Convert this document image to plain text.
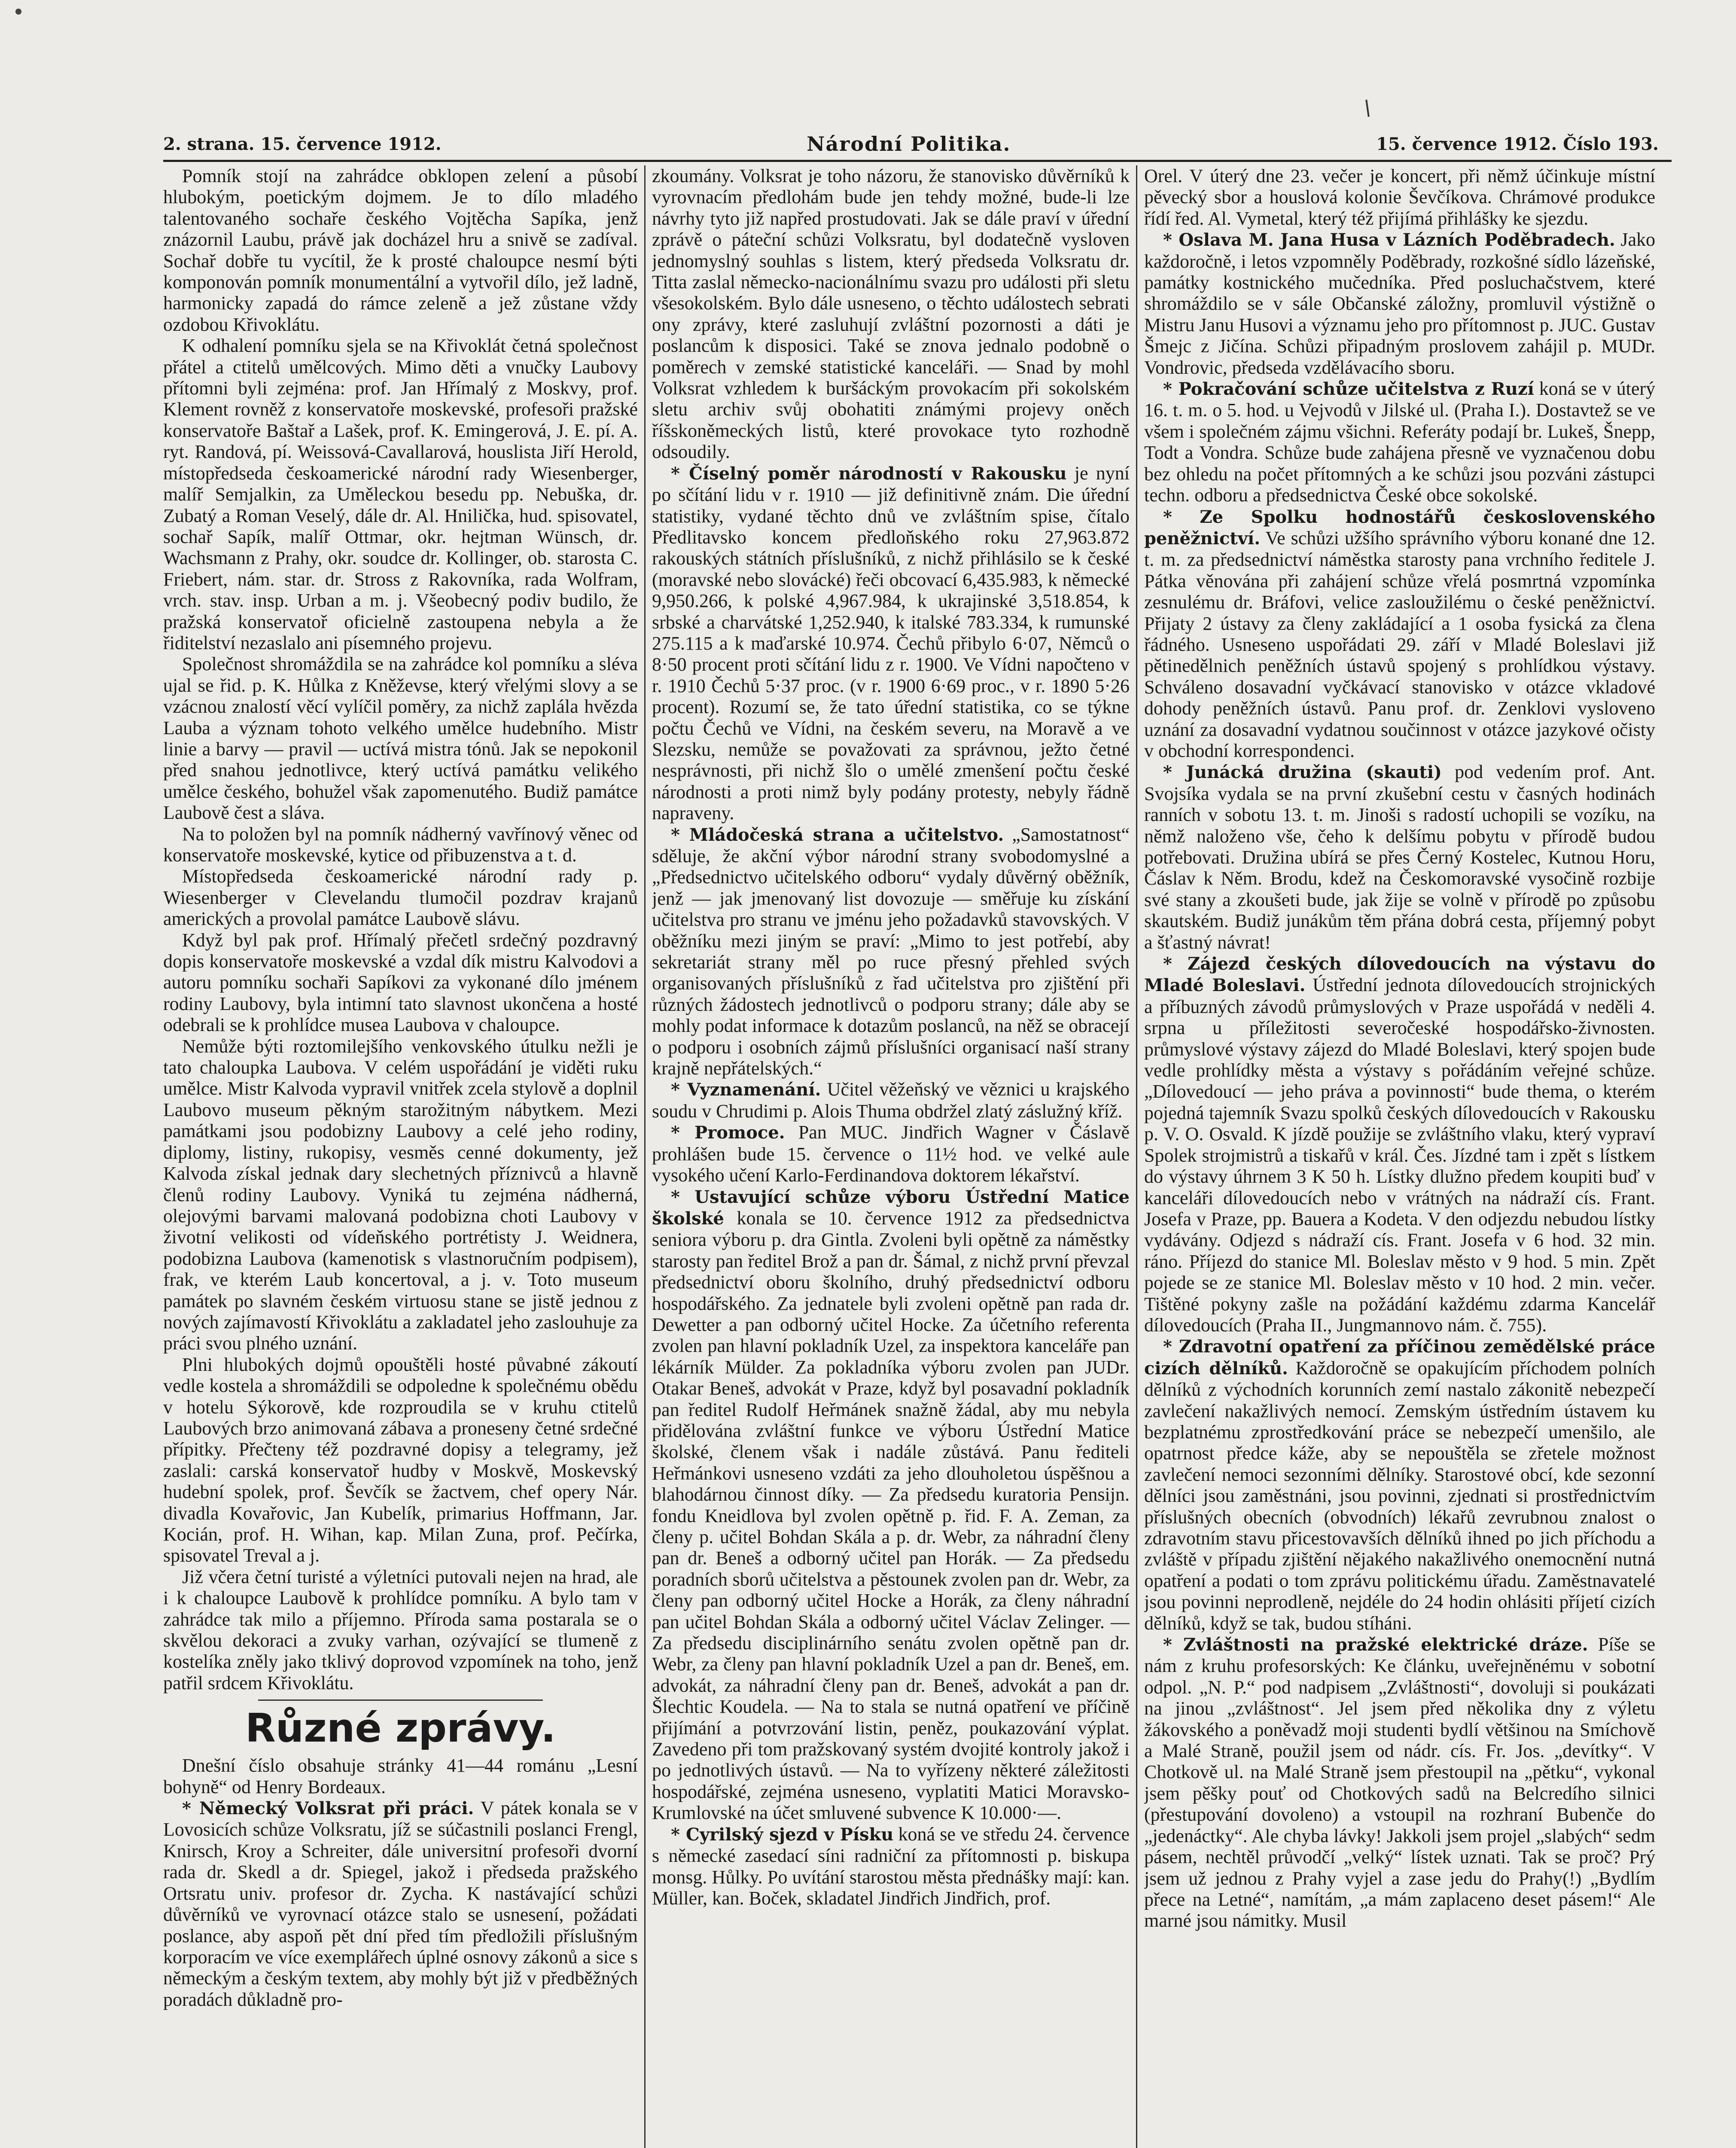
2. strana. 15. července 1912.	Národní Politika.	15. července 1912. Číslo 193.

Pomník stojí na zahrádce obklopen zelení a působí hlubokým, poetickým dojmem. Je to dílo mladého talentovaného sochaře českého Vojtěcha Sapíka, jenž znázornil Laubu, právě jak docházel hru a snivě se zadíval. Sochař dobře tu vycítil, že k prosté chaloupce nesmí býti komponován pomník monumentální a vytvořil dílo, jež ladně, harmonicky zapadá do rámce zeleně a jež zůstane vždy ozdobou Křivoklátu.

K odhalení pomníku sjela se na Křivoklát četná společnost přátel a ctitelů umělcových. Mimo děti a vnučky Laubovy přítomni byli zejména: prof. Jan Hřímalý z Moskvy, prof. Klement rovněž z konservatoře moskevské, profesoři pražské konservatoře Baštař a Lašek, prof. K. Emingerová, J. E. pí. A. ryt. Randová, pí. Weissová-Cavallarová, houslista Jiří Herold, místopředseda českoamerické národní rady Wiesenberger, malíř Semjalkin, za Uměleckou besedu pp. Nebuška, dr. Zubatý a Roman Veselý, dále dr. Al. Hnilička, hud. spisovatel, sochař Sapík, malíř Ottmar, okr. hejtman Wünsch, dr. Wachsmann z Prahy, okr. soudce dr. Kollinger, ob. starosta C. Friebert, nám. star. dr. Stross z Rakovníka, rada Wolfram, vrch. stav. insp. Urban a m. j. Všeobecný podiv budilo, že pražská konservatoř oficielně zastoupena nebyla a že řiditelství nezaslalo ani písemného projevu.

Společnost shromáždila se na zahrádce kol pomníku a sléva ujal se řid. p. K. Hůlka z Kněževse, který vřelými slovy a se vzácnou znalostí věcí vylíčil poměry, za nichž zaplála hvězda Lauba a význam tohoto velkého umělce hudebního. Mistr linie a barvy — pravil — uctívá mistra tónů. Jak se nepokonil před snahou jednotlivce, který uctívá památku velikého umělce českého, bohužel však zapomenutého. Budiž památce Laubově čest a sláva.

Na to položen byl na pomník nádherný vavřínový věnec od konservatoře moskevské, kytice od přibuzenstva a t. d.

Místopředseda českoamerické národní rady p. Wiesenberger v Clevelandu tlumočil pozdrav krajanů amerických a provolal památce Laubově slávu.

Když byl pak prof. Hřímalý přečetl srdečný pozdravný dopis konservatoře moskevské a vzdal dík mistru Kalvodovi a autoru pomníku sochaři Sapíkovi za vykonané dílo jménem rodiny Laubovy, byla intimní tato slavnost ukončena a hosté odebrali se k prohlídce musea Laubova v chaloupce.

Nemůže býti roztomilejšího venkovského útulku nežli je tato chaloupka Laubova. V celém uspořádání je viděti ruku umělce. Mistr Kalvoda vypravil vnitřek zcela stylově a doplnil Laubovo museum pěkným starožitným nábytkem. Mezi památkami jsou podobizny Laubovy a celé jeho rodiny, diplomy, listiny, rukopisy, vesměs cenné dokumenty, jež Kalvoda získal jednak dary slechetných příznivců a hlavně členů rodiny Laubovy. Vyniká tu zejména nádherná, olejovými barvami malovaná podobizna choti Laubovy v životní velikosti od vídeňského portrétisty J. Weidnera, podobizna Laubova (kamenotisk s vlastnoručním podpisem), frak, ve kterém Laub koncertoval, a j. v. Toto museum památek po slavném českém virtuosu stane se jistě jednou z nových zajímavostí Křivoklátu a zakladatel jeho zaslouhuje za práci svou plného uznání.

Plni hlubokých dojmů opouštěli hosté půvabné zákoutí vedle kostela a shromáždili se odpoledne k společnému obědu v hotelu Sýkorově, kde rozproudila se v kruhu ctitelů Laubových brzo animovaná zábava a proneseny četné srdečné přípitky. Přečteny též pozdravné dopisy a telegramy, jež zaslali: carská konservatoř hudby v Moskvě, Moskevský hudební spolek, prof. Ševčík se žactvem, chef opery Nár. divadla Kovařovic, Jan Kubelík, primarius Hoffmann, Jar. Kocián, prof. H. Wihan, kap. Milan Zuna, prof. Pečírka, spisovatel Treval a j.

Již včera četní turisté a výletníci putovali nejen na hrad, ale i k chaloupce Laubově k prohlídce pomníku. A bylo tam v zahrádce tak milo a příjemno. Příroda sama postarala se o skvělou dekoraci a zvuky varhan, ozývající se tlumeně z kostelíka zněly jako tklivý doprovod vzpomínek na toho, jenž patřil srdcem Křivoklátu.

Různé zprávy.

Dnešní číslo obsahuje stránky 41—44 románu „Lesní bohyně“ od Henry Bordeaux.

* Německý Volksrat při práci. V pátek konala se v Lovosicích schůze Volksratu, jíž se súčastnili poslanci Frengl, Knirsch, Kroy a Schreiter, dále universitní profesoři dvorní rada dr. Skedl a dr. Spiegel, jakož i předseda pražského Ortsratu univ. profesor dr. Zycha. K nastávající schůzi důvěrníků ve vyrovnací otázce stalo se usnesení, požádati poslance, aby aspoň pět dní před tím předložili příslušným korporacím ve více exemplářech úplné osnovy zákonů a sice s německým a českým textem, aby mohly být již v předběžných poradách důkladně pro-

zkoumány. Volksrat je toho názoru, že stanovisko důvěrníků k vyrovnacím předlohám bude jen tehdy možné, bude-li lze návrhy tyto již napřed prostudovati. Jak se dále praví v úřední zprávě o páteční schůzi Volksratu, byl dodatečně vysloven jednomyslný souhlas s listem, který předseda Volksratu dr. Titta zaslal německo-nacionálnímu svazu pro události při sletu všesokolském. Bylo dále usneseno, o těchto událostech sebrati ony zprávy, které zasluhují zvláštní pozornosti a dáti je poslancům k disposici. Také se znova jednalo podobně o poměrech v zemské statistické kanceláři. — Snad by mohl Volksrat vzhledem k buršáckým provokacím při sokolském sletu archiv svůj obohatiti známými projevy oněch říšskoněmeckých listů, které provokace tyto rozhodně odsoudily.

* Číselný poměr národností v Rakousku je nyní po sčítání lidu v r. 1910 — již definitivně znám. Die úřední statistiky, vydané těchto dnů ve zvláštním spise, čítalo Předlitavsko koncem předloňského roku 27,963.872 rakouských státních příslušníků, z nichž přihlásilo se k české (moravské nebo slovácké) řeči obcovací 6,435.983, k německé 9,950.266, k polské 4,967.984, k ukrajinské 3,518.854, k srbské a charvátské 1,252.940, k italské 783.334, k rumunské 275.115 a k maďarské 10.974. Čechů přibylo 6·07, Němců o 8·50 procent proti sčítání lidu z r. 1900. Ve Vídni napočteno v r. 1910 Čechů 5·37 proc. (v r. 1900 6·69 proc., v r. 1890 5·26 procent). Rozumí se, že tato úřední statistika, co se týkne počtu Čechů ve Vídni, na českém severu, na Moravě a ve Slezsku, nemůže se považovati za správnou, ježto četné nesprávnosti, při nichž šlo o umělé zmenšení počtu české národnosti a proti nimž byly podány protesty, nebyly řádně napraveny.

* Mládočeská strana a učitelstvo. „Samostatnost“ sděluje, že akční výbor národní strany svobodomyslné a „Předsednictvo učitelského odboru“ vydaly důvěrný oběžník, jenž — jak jmenovaný list dovozuje — směřuje ku získání učitelstva pro stranu ve jménu jeho požadavků stavovských. V oběžníku mezi jiným se praví: „Mimo to jest potřebí, aby sekretariát strany měl po ruce přesný přehled svých organisovaných příslušníků z řad učitelstva pro zjištění při různých žádostech jednotlivců o podporu strany; dále aby se mohly podat informace k dotazům poslanců, na něž se obracejí o podporu i osobních zájmů příslušníci organisací naší strany krajně nepřátelských.“

* Vyznamenání. Učitel věžeňský ve věznici u krajského soudu v Chrudimi p. Alois Thuma obdržel zlatý záslužný kříž.

* Promoce. Pan MUC. Jindřich Wagner v Čáslavě prohlášen bude 15. července o 11½ hod. ve velké aule vysokého učení Karlo-Ferdinandova doktorem lékařství.

* Ustavující schůze výboru Ústřední Matice školské konala se 10. července 1912 za předsednictva seniora výboru p. dra Gintla. Zvoleni byli opětně za náměstky starosty pan ředitel Brož a pan dr. Šámal, z nichž první převzal předsednictví oboru školního, druhý předsednictví odboru hospodářského. Za jednatele byli zvoleni opětně pan rada dr. Dewetter a pan odborný učitel Hocke. Za účetního referenta zvolen pan hlavní pokladník Uzel, za inspektora kanceláře pan lékárník Mülder. Za pokladníka výboru zvolen pan JUDr. Otakar Beneš, advokát v Praze, když byl posavadní pokladník pan ředitel Rudolf Heřmánek snažně žádal, aby mu nebyla přidělována zvláštní funkce ve výboru Ústřední Matice školské, členem však i nadále zůstává. Panu řediteli Heřmánkovi usneseno vzdáti za jeho dlouholetou úspěšnou a blahodárnou činnost díky. — Za předsedu kuratoria Pensijn. fondu Kneidlova byl zvolen opětně p. řid. F. A. Zeman, za členy p. učitel Bohdan Skála a p. dr. Webr, za náhradní členy pan dr. Beneš a odborný učitel pan Horák. — Za předsedu poradních sborů učitelstva a pěstounek zvolen pan dr. Webr, za členy pan odborný učitel Hocke a Horák, za členy náhradní pan učitel Bohdan Skála a odborný učitel Václav Zelinger. — Za předsedu disciplinárního senátu zvolen opětně pan dr. Webr, za členy pan hlavní pokladník Uzel a pan dr. Beneš, em. advokát, za náhradní členy pan dr. Beneš, advokát a pan dr. Šlechtic Koudela. — Na to stala se nutná opatření ve příčině přijímání a potvrzování listin, peněz, poukazování výplat. Zavedeno při tom pražskovaný systém dvojité kontroly jakož i po jednotlivých ústavů. — Na to vyřízeny některé záležitosti hospodářské, zejména usneseno, vyplatiti Matici Moravsko-Krumlovské na účet smluvené subvence K 10.000·—.

* Cyrilský sjezd v Písku koná se ve středu 24. července s německé zasedací síni radniční za přítomnosti p. biskupa monsg. Hůlky. Po uvítání starostou města přednášky mají: kan. Müller, kan. Boček, skladatel Jindřich Jindřich, prof.

Orel. V úterý dne 23. večer je koncert, při němž účinkuje místní pěvecký sbor a houslová kolonie Ševčíkova. Chrámové produkce řídí řed. Al. Vymetal, který též přijímá přihlášky ke sjezdu.

* Oslava M. Jana Husa v Lázních Poděbradech. Jako každoročně, i letos vzpomněly Poděbrady, rozkošné sídlo lázeňské, památky kostnického mučedníka. Před posluchačstvem, které shromáždilo se v sále Občanské záložny, promluvil výstižně o Mistru Janu Husovi a významu jeho pro přítomnost p. JUC. Gustav Šmejc z Jičína. Schůzi připadným proslovem zahájil p. MUDr. Vondrovic, předseda vzdělávacího sboru.

* Pokračování schůze učitelstva z Ruzí koná se v úterý 16. t. m. o 5. hod. u Vejvodů v Jilské ul. (Praha I.). Dostavtež se ve všem i společném zájmu všichni. Referáty podají br. Lukeš, Šnepp, Todt a Vondra. Schůze bude zahájena přesně ve vyznačenou dobu bez ohledu na počet přítomných a ke schůzi jsou pozváni zástupci techn. odboru a předsednictva České obce sokolské.

* Ze Spolku hodnostářů československého peněžnictví. Ve schůzi užšího správního výboru konané dne 12. t. m. za předsednictví náměstka starosty pana vrchního ředitele J. Pátka věnována při zahájení schůze vřelá posmrtná vzpomínka zesnulému dr. Bráfovi, velice zasloužilému o české peněžnictví. Přijaty 2 ústavy za členy zakládající a 1 osoba fysická za člena řádného. Usneseno uspořádati 29. září v Mladé Boleslavi již pětinedělnich peněžních ústavů spojený s prohlídkou výstavy. Schváleno dosavadní vyčkávací stanovisko v otázce vkladové dohody peněžních ústavů. Panu prof. dr. Zenklovi vysloveno uznání za dosavadní vydatnou součinnost v otázce jazykové očisty v obchodní korrespondenci.

* Junácká družina (skauti) pod vedením prof. Ant. Svojsíka vydala se na první zkušební cestu v časných hodinách ranních v sobotu 13. t. m. Jinoši s radostí uchopili se vozíku, na němž naloženo vše, čeho k delšímu pobytu v přírodě budou potřebovati. Družina ubírá se přes Černý Kostelec, Kutnou Horu, Čáslav k Něm. Brodu, kdež na Českomoravské vysočině rozbije své stany a zkoušeti bude, jak žije se volně v přírodě po způsobu skautském. Budiž junákům těm přána dobrá cesta, příjemný pobyt a šťastný návrat!

* Zájezd českých dílovedoucích na výstavu do Mladé Boleslavi. Ústřední jednota dílovedoucích strojnických a příbuzných závodů průmyslových v Praze uspořádá v neděli 4. srpna u příležitosti severočeské hospodářsko-živnosten. průmyslové výstavy zájezd do Mladé Boleslavi, který spojen bude vedle prohlídky města a výstavy s pořádáním veřejné schůze. „Dílovedoucí — jeho práva a povinnosti“ bude thema, o kterém pojedná tajemník Svazu spolků českých dílovedoucích v Rakousku p. V. O. Osvald. K jízdě použije se zvláštního vlaku, který vypraví Spolek strojmistrů a tiskařů v král. Čes. Jízdné tam i zpět s lístkem do výstavy úhrnem 3 K 50 h. Lístky dlužno předem koupiti buď v kanceláři dílovedoucích nebo v vrátných na nádraží cís. Frant. Josefa v Praze, pp. Bauera a Kodeta. V den odjezdu nebudou lístky vydávány. Odjezd s nádraží cís. Frant. Josefa v 6 hod. 32 min. ráno. Příjezd do stanice Ml. Boleslav město v 9 hod. 5 min. Zpět pojede se ze stanice Ml. Boleslav město v 10 hod. 2 min. večer. Tištěné pokyny zašle na požádání každému zdarma Kancelář dílovedoucích (Praha II., Jungmannovo nám. č. 755).

* Zdravotní opatření za příčinou zemědělské práce cizích dělníků. Každoročně se opakujícím příchodem polních dělníků z východních korunních zemí nastalo zákonitě nebezpečí zavlečení nakažlivých nemocí. Zemským ústředním ústavem ku bezplatnému zprostředkování práce se nebezpečí umenšilo, ale opatrnost předce káže, aby se nepouštěla se zřetele možnost zavlečení nemoci sezonními dělníky. Starostové obcí, kde sezonní dělníci jsou zaměstnáni, jsou povinni, zjednati si prostřednictvím příslušných obecních (obvodních) lékařů zevrubnou znalost o zdravotním stavu přicestovavších dělníků ihned po jich příchodu a zvláště v případu zjištění nějakého nakažlivého onemocnění nutná opatření a podati o tom zprávu politickému úřadu. Zaměstnavatelé jsou povinni neprodleně, nejdéle do 24 hodin ohlásiti příjetí cizích dělníků, když se tak, budou stíháni.

* Zvláštnosti na pražské elektrické dráze. Píše se nám z kruhu profesorských: Ke článku, uveřejněnému v sobotní odpol. „N. P.“ pod nadpisem „Zvláštnosti“, dovoluji si poukázati na jinou „zvláštnost“. Jel jsem před několika dny z výletu žákovského a poněvadž moji studenti bydlí většinou na Smíchově a Malé Straně, použil jsem od nádr. cís. Fr. Jos. „devítky“. V Chotkově ul. na Malé Straně jsem přestoupil na „pětku“, vykonal jsem pěšky pouť od Chotkových sadů na Belcredího silnici (přestupování dovoleno) a vstoupil na rozhraní Bubenče do „jedenáctky“. Ale chyba lávky! Jakkoli jsem projel „slabých“ sedm pásem, nechtěl průvodčí „velký“ lístek uznati. Tak se proč? Prý jsem už jednou z Prahy vyjel a zase jedu do Prahy(!) „Bydlím přece na Letné“, namítám, „a mám zaplaceno deset pásem!“ Ale marné jsou námitky. Musil
